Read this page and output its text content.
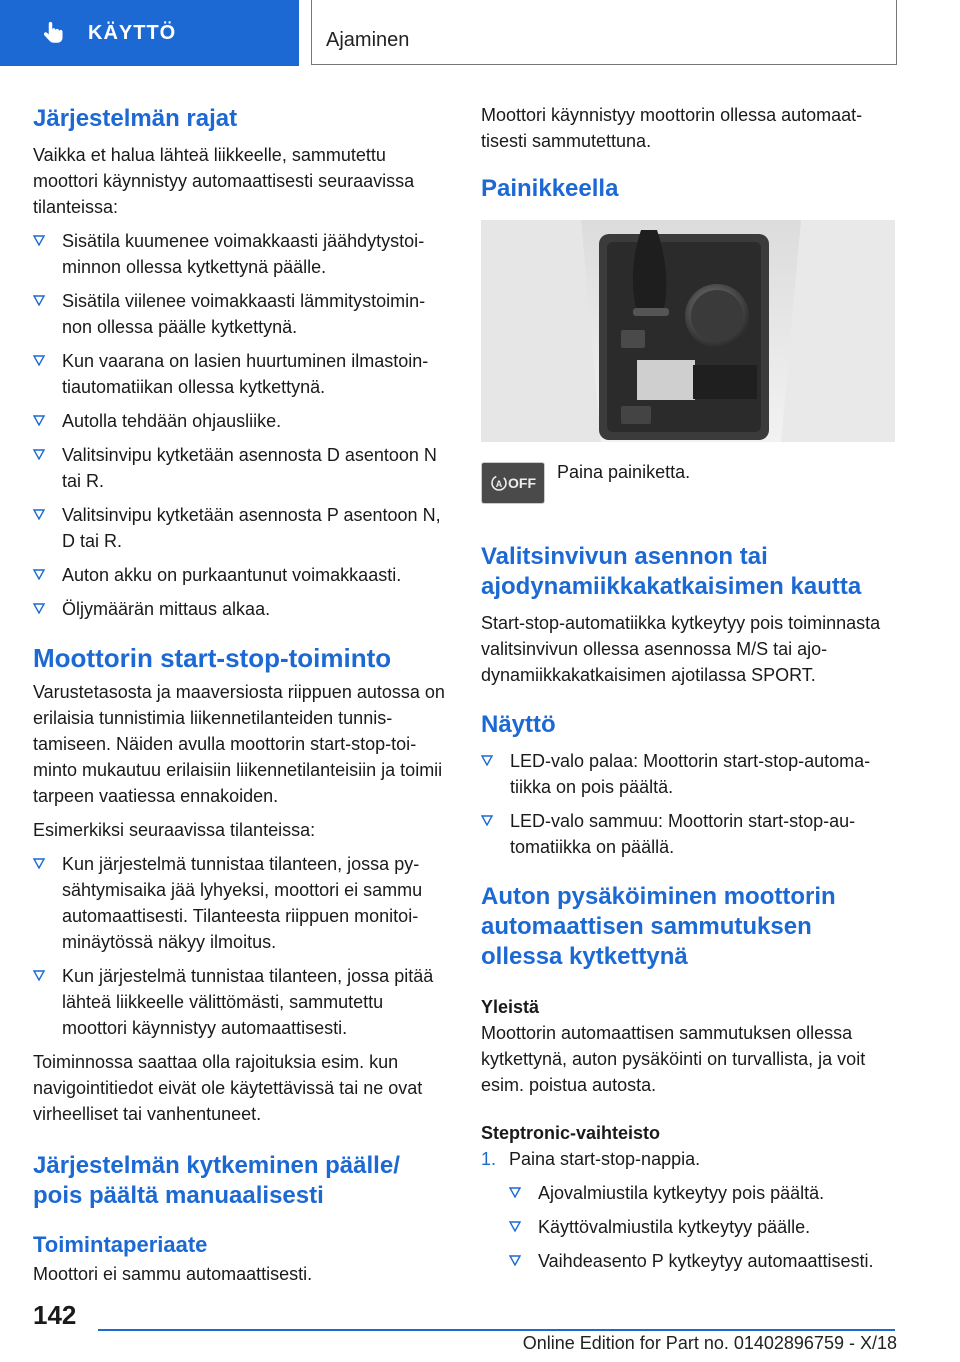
KÄYTTÖ	Ajaminen
Järjestelmän rajat

Vaikka et halua lähteä liikkeelle, sammutettu moottori käynnistyy automaattisesti seuraavissa tilanteissa:

Sisätila kuumenee voimakkaasti jäähdytystoiminnon ollessa kytkettynä päälle.
Sisätila viilenee voimakkaasti lämmitystoiminnon ollessa päälle kytkettynä.
Kun vaarana on lasien huurtuminen ilmastointiautomatiikan ollessa kytkettynä.
Autolla tehdään ohjausliike.
Valitsinvipu kytketään asennosta D asentoon N tai R.
Valitsinvipu kytketään asennosta P asentoon N, D tai R.
Auton akku on purkaantunut voimakkaasti.
Öljymäärän mittaus alkaa.
Moottorin start-stop-toiminto

Varustetasosta ja maaversiosta riippuen autossa on erilaisia tunnistimia liikennetilanteiden tunnistamiseen. Näiden avulla moottorin start-stop-toiminto mukautuu erilaisiin liikennetilanteisiin ja toimii tarpeen vaatiessa ennakoiden.

Esimerkiksi seuraavissa tilanteissa:

Kun järjestelmä tunnistaa tilanteen, jossa pysähtymisaika jää lyhyeksi, moottori ei sammu automaattisesti. Tilanteesta riippuen monitoiminäytössä näkyy ilmoitus.
Kun järjestelmä tunnistaa tilanteen, jossa pitää lähteä liikkeelle välittömästi, sammutettu moottori käynnistyy automaattisesti.

Toiminnossa saattaa olla rajoituksia esim. kun navigointitiedot eivät ole käytettävissä tai ne ovat virheelliset tai vanhentuneet.

Järjestelmän kytkeminen päälle/ pois päältä manuaalisesti
Toimintaperiaate

Moottori ei sammu automaattisesti.

Moottori käynnistyy moottorin ollessa automaattisesti sammutettuna.

Painikkeella
A OFF

Paina painiketta.

Valitsinvivun asennon tai ajodynamiikkakatkaisimen kautta

Start-stop-automatiikka kytkeytyy pois toiminnasta valitsinvivun ollessa asennossa M/S tai ajodynamiikkakatkaisimen ajotilassa SPORT.

Näyttö
LED-valo palaa: Moottorin start-stop-automatiikka on pois päältä.
LED-valo sammuu: Moottorin start-stop-automatiikka on päällä.
Auton pysäköiminen moottorin automaattisen sammutuksen ollessa kytkettynä

Yleistä

Moottorin automaattisen sammutuksen ollessa kytkettynä, auton pysäköinti on turvallista, ja voit esim. poistua autosta.

Steptronic-vaihteisto

1. Paina start-stop-nappia.
Ajovalmiustila kytkeytyy pois päältä.
Käyttövalmiustila kytkeytyy päälle.
Vaihdeasento P kytkeytyy automaattisesti.
142
Online Edition for Part no. 01402896759 - X/18
